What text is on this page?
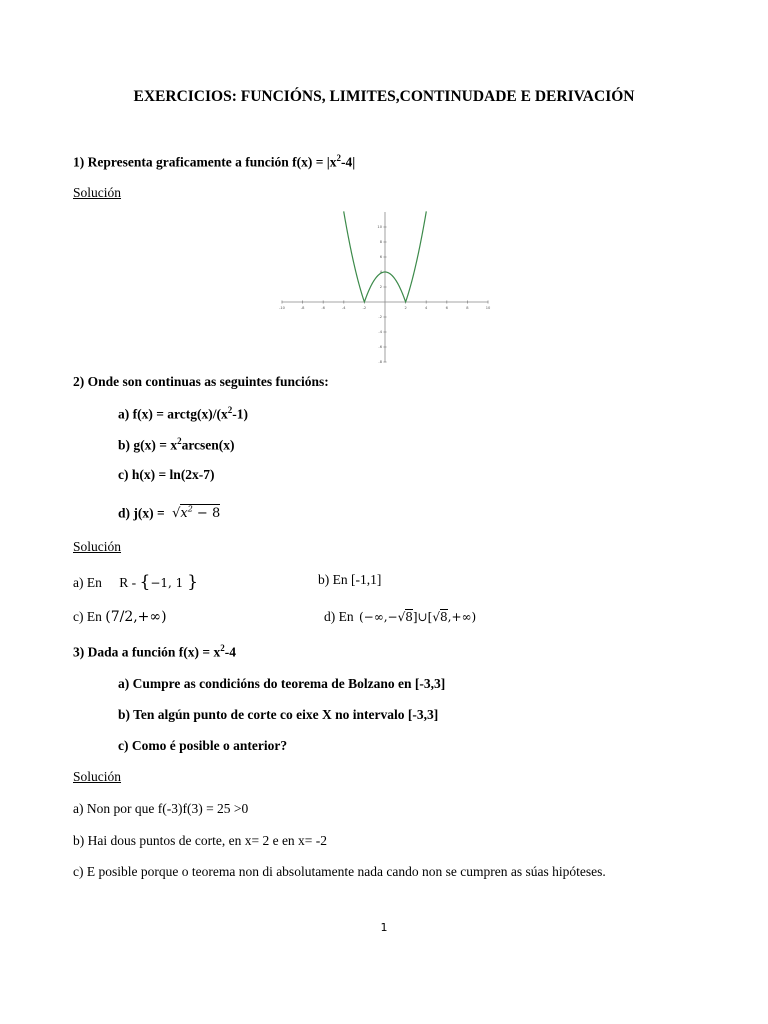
EXERCICIOS: FUNCIÓNS, LIMITES,CONTINUDADE E DERIVACIÓN
1) Representa graficamente a función $f(x) = |x^2-4|$
Solución
-10	-8	-6	-4	-2	2	4	6	8	10
10
8
6
4
2
-2
-4
-6
-8
2) Onde son continuas as seguintes funcións:
a) $f(x) = arctg(x)/(x^2-1)$
b) $g(x) = x^2arcsen(x)$
c) h(x) = ln(2x-7)
d) $j(x) = √x^2 - 8$
Solución
a) En R - {−1, 1 }	b) En [-1,1]
c) En (7/2,+∞)	d) En (−∞,−√8]∪[√8,+∞)
3) Dada a función $f(x) = x^2-4$
a) Cumpre as condicións do teorema de Bolzano en [-3,3]
b) Ten algún punto de corte co eixe X no intervalo [-3,3]
c) Como é posible o anterior?
Solución
a) Non por que f(-3)f(3) = 25 >0
b) Hai dous puntos de corte, en x= 2 e en x= -2
c) E posible porque o teorema non di absolutamente nada cando non se cumpren as súas hipóteses.
1
